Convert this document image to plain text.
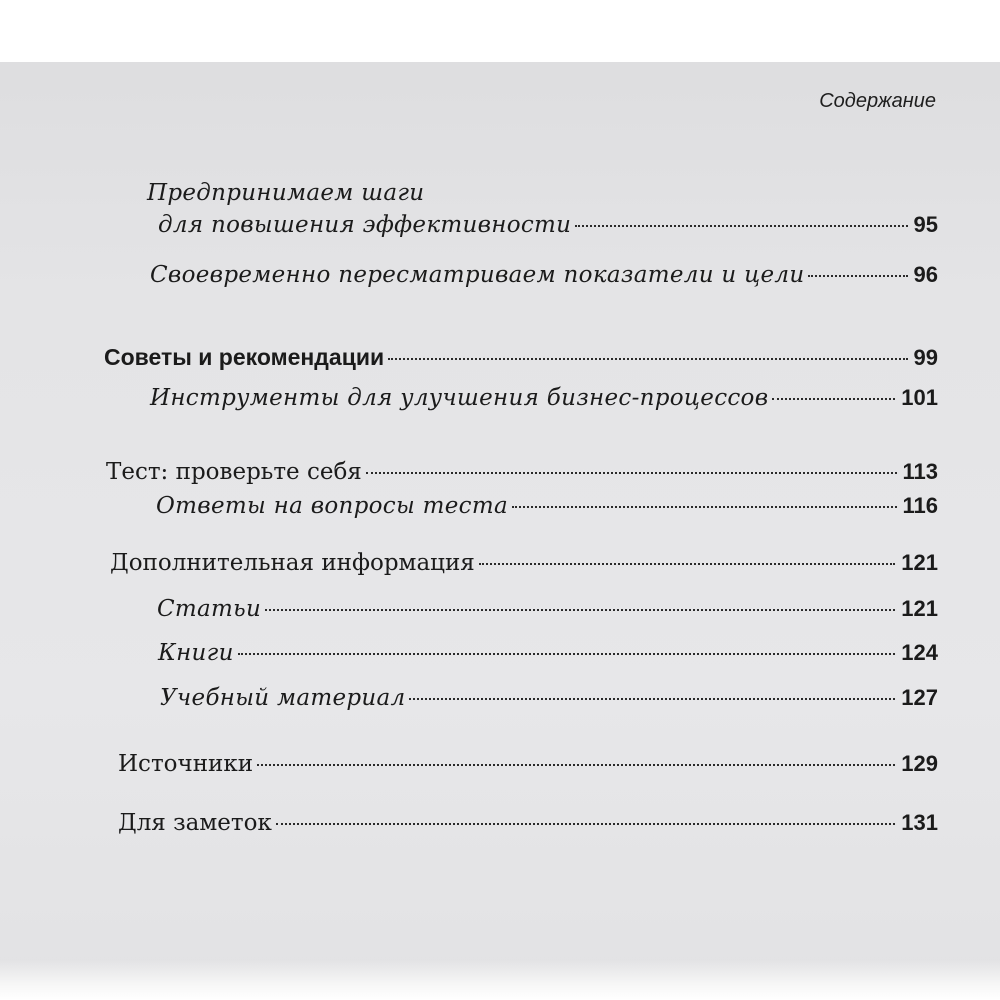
Содержание
Предпринимаем шаги
для повышения эффективности	95
Своевременно пересматриваем показатели и цели	96
Советы и рекомендации	99
Инструменты для улучшения бизнес-процессов	101
Тест: проверьте себя	113
Ответы на вопросы теста	116
Дополнительная информация	121
Статьи	121
Книги	124
Учебный материал	127
Источники	129
Для заметок	131
